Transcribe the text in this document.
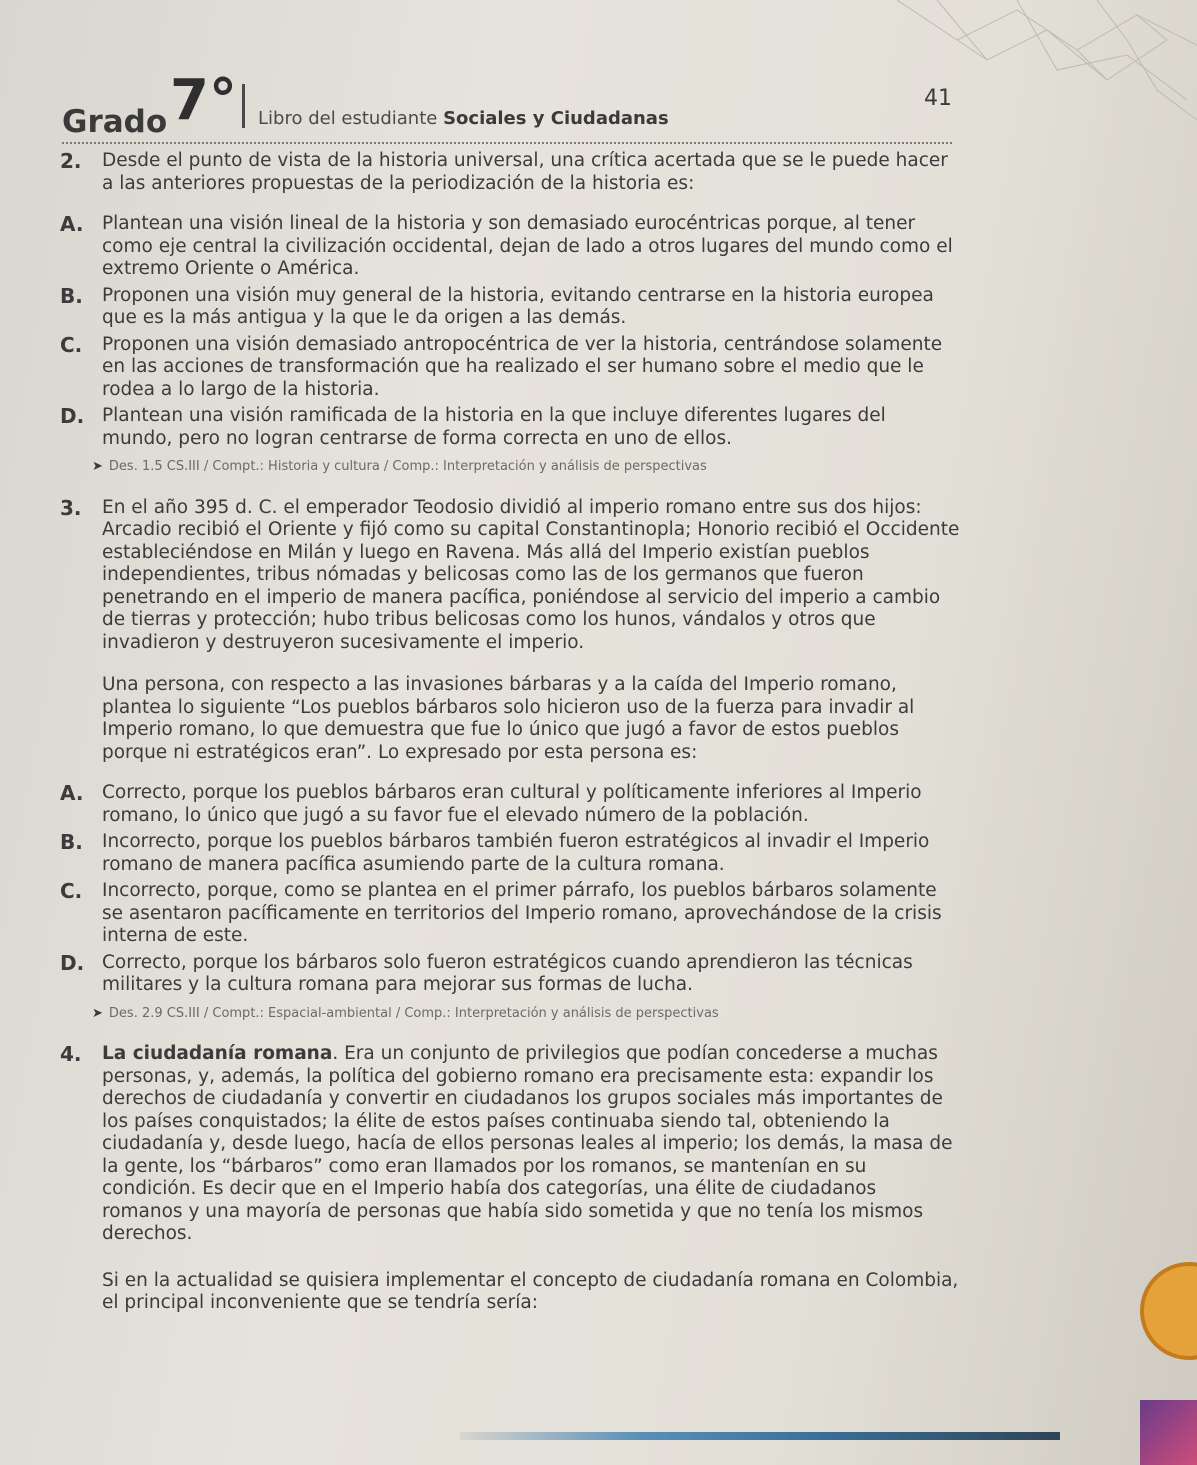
Grado 7° Libro del estudiante Sociales y Ciudadanas
41
2.	Desde el punto de vista de la historia universal, una crítica acertada que se le puede hacer a las anteriores propuestas de la periodización de la historia es:
A.	Plantean una visión lineal de la historia y son demasiado eurocéntricas porque, al tener como eje central la civilización occidental, dejan de lado a otros lugares del mundo como el extremo Oriente o América.
B.	Proponen una visión muy general de la historia, evitando centrarse en la historia europea que es la más antigua y la que le da origen a las demás.
C.	Proponen una visión demasiado antropocéntrica de ver la historia, centrándose solamente en las acciones de transformación que ha realizado el ser humano sobre el medio que le rodea a lo largo de la historia.
D. Plantean una visión ramificada de la historia en la que incluye diferentes lugares del mundo, pero no logran centrarse de forma correcta en uno de ellos.
➤ Des. 1.5 CS.III / Compt.: Historia y cultura / Comp.: Interpretación y análisis de perspectivas
3.	En el año 395 d. C. el emperador Teodosio dividió al imperio romano entre sus dos hijos: Arcadio recibió el Oriente y fijó como su capital Constantinopla; Honorio recibió el Occidente estableciéndose en Milán y luego en Ravena. Más allá del Imperio existían pueblos independientes, tribus nómadas y belicosas como las de los germanos que fueron penetrando en el imperio de manera pacífica, poniéndose al servicio del imperio a cambio de tierras y protección; hubo tribus belicosas como los hunos, vándalos y otros que invadieron y destruyeron sucesivamente el imperio.
Una persona, con respecto a las invasiones bárbaras y a la caída del Imperio romano, plantea lo siguiente “Los pueblos bárbaros solo hicieron uso de la fuerza para invadir al Imperio romano, lo que demuestra que fue lo único que jugó a favor de estos pueblos porque ni estratégicos eran”. Lo expresado por esta persona es:
A.	Correcto, porque los pueblos bárbaros eran cultural y políticamente inferiores al Imperio romano, lo único que jugó a su favor fue el elevado número de la población.
B.	Incorrecto, porque los pueblos bárbaros también fueron estratégicos al invadir el Imperio romano de manera pacífica asumiendo parte de la cultura romana.
C.	Incorrecto, porque, como se plantea en el primer párrafo, los pueblos bárbaros solamente se asentaron pacíficamente en territorios del Imperio romano, aprovechándose de la crisis interna de este.
D. Correcto, porque los bárbaros solo fueron estratégicos cuando aprendieron las técnicas militares y la cultura romana para mejorar sus formas de lucha.
➤ Des. 2.9 CS.III / Compt.: Espacial-ambiental / Comp.: Interpretación y análisis de perspectivas
4.	La ciudadanía romana. Era un conjunto de privilegios que podían concederse a muchas personas, y, además, la política del gobierno romano era precisamente esta: expandir los derechos de ciudadanía y convertir en ciudadanos los grupos sociales más importantes de los países conquistados; la élite de estos países continuaba siendo tal, obteniendo la ciudadanía y, desde luego, hacía de ellos personas leales al imperio; los demás, la masa de la gente, los “bárbaros” como eran llamados por los romanos, se mantenían en su condición. Es decir que en el Imperio había dos categorías, una élite de ciudadanos romanos y una mayoría de personas que había sido sometida y que no tenía los mismos derechos.
Si en la actualidad se quisiera implementar el concepto de ciudadanía romana en Colombia, el principal inconveniente que se tendría sería:
